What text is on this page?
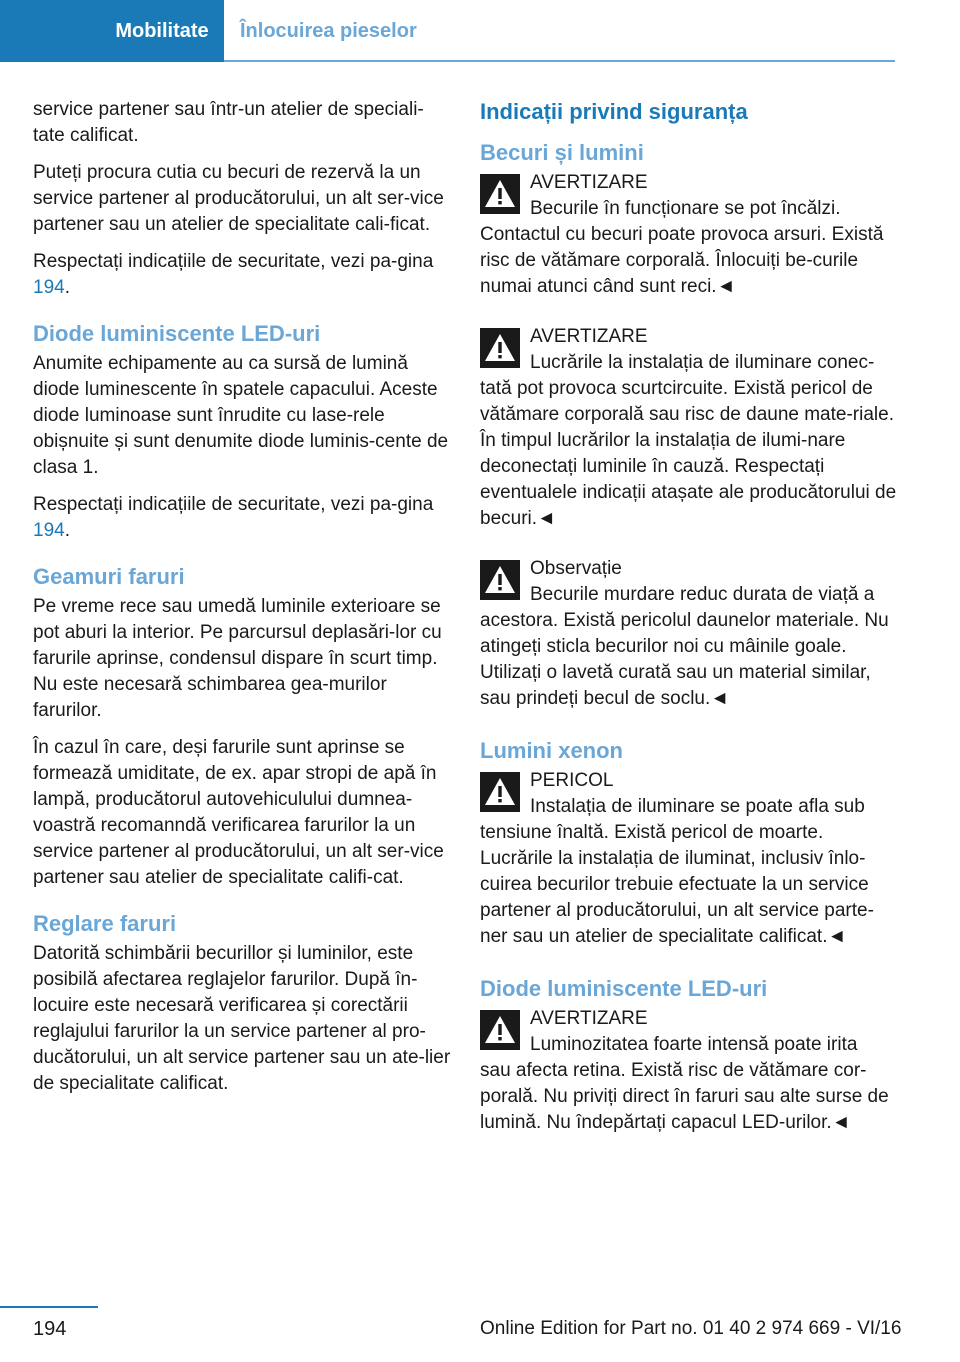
Mobilitate	Înlocuirea pieselor

service partener sau într-un atelier de speciali-tate calificat.

Puteți procura cutia cu becuri de rezervă la un service partener al producătorului, un alt ser-vice partener sau un atelier de specialitate cali-ficat.

Respectați indicațiile de securitate, vezi pa-gina 194.

Diode luminiscente LED-uri

Anumite echipamente au ca sursă de lumină diode luminescente în spatele capacului. Aceste diode luminoase sunt înrudite cu lase-rele obișnuite și sunt denumite diode luminis-cente de clasa 1.

Respectați indicațiile de securitate, vezi pa-gina 194.

Geamuri faruri

Pe vreme rece sau umedă luminile exterioare se pot aburi la interior. Pe parcursul deplasări-lor cu farurile aprinse, condensul dispare în scurt timp. Nu este necesară schimbarea gea-murilor farurilor.

În cazul în care, deși farurile sunt aprinse se formează umiditate, de ex. apar stropi de apă în lampă, producătorul autovehiculului dumnea-voastră recomanndă verificarea farurilor la un service partener al producătorului, un alt ser-vice partener sau atelier de specialitate califi-cat.

Reglare faruri

Datorită schimbării becurillor și luminilor, este posibilă afectarea reglajelor farurilor. După în-locuire este necesară verificarea și corectării reglajului farurilor la un service partener al pro-ducătorului, un alt service partener sau un ate-lier de specialitate calificat.

Indicații privind siguranța
Becuri și lumini
AVERTIZARE
Becurile în funcționare se pot încălzi.
Contactul cu becuri poate provoca arsuri. Există risc de vătămare corporală. Înlocuiți be-curile numai atunci când sunt reci.◄
AVERTIZARE
Lucrările la instalația de iluminare conec-
tată pot provoca scurtcircuite. Există pericol de vătămare corporală sau risc de daune mate-riale. În timpul lucrărilor la instalația de ilumi-nare deconectați luminile în cauză. Respectați eventualele indicații atașate ale producătorului de becuri.◄
Observație
Becurile murdare reduc durata de viață a
acestora. Există pericolul daunelor materiale. Nu atingeți sticla becurilor noi cu mâinile goale. Utilizați o lavetă curată sau un material similar, sau prindeți becul de soclu.◄
Lumini xenon
PERICOL
Instalația de iluminare se poate afla sub
tensiune înaltă. Există pericol de moarte. Lucrările la instalația de iluminat, inclusiv înlo-cuirea becurilor trebuie efectuate la un service partener al producătorului, un alt service parte-ner sau un atelier de specialitate calificat.◄
Diode luminiscente LED-uri
AVERTIZARE
Luminozitatea foarte intensă poate irita
sau afecta retina. Există risc de vătămare cor-porală. Nu priviți direct în faruri sau alte surse de lumină. Nu îndepărtați capacul LED-urilor.◄
194	Online Edition for Part no. 01 40 2 974 669 - VI/16
